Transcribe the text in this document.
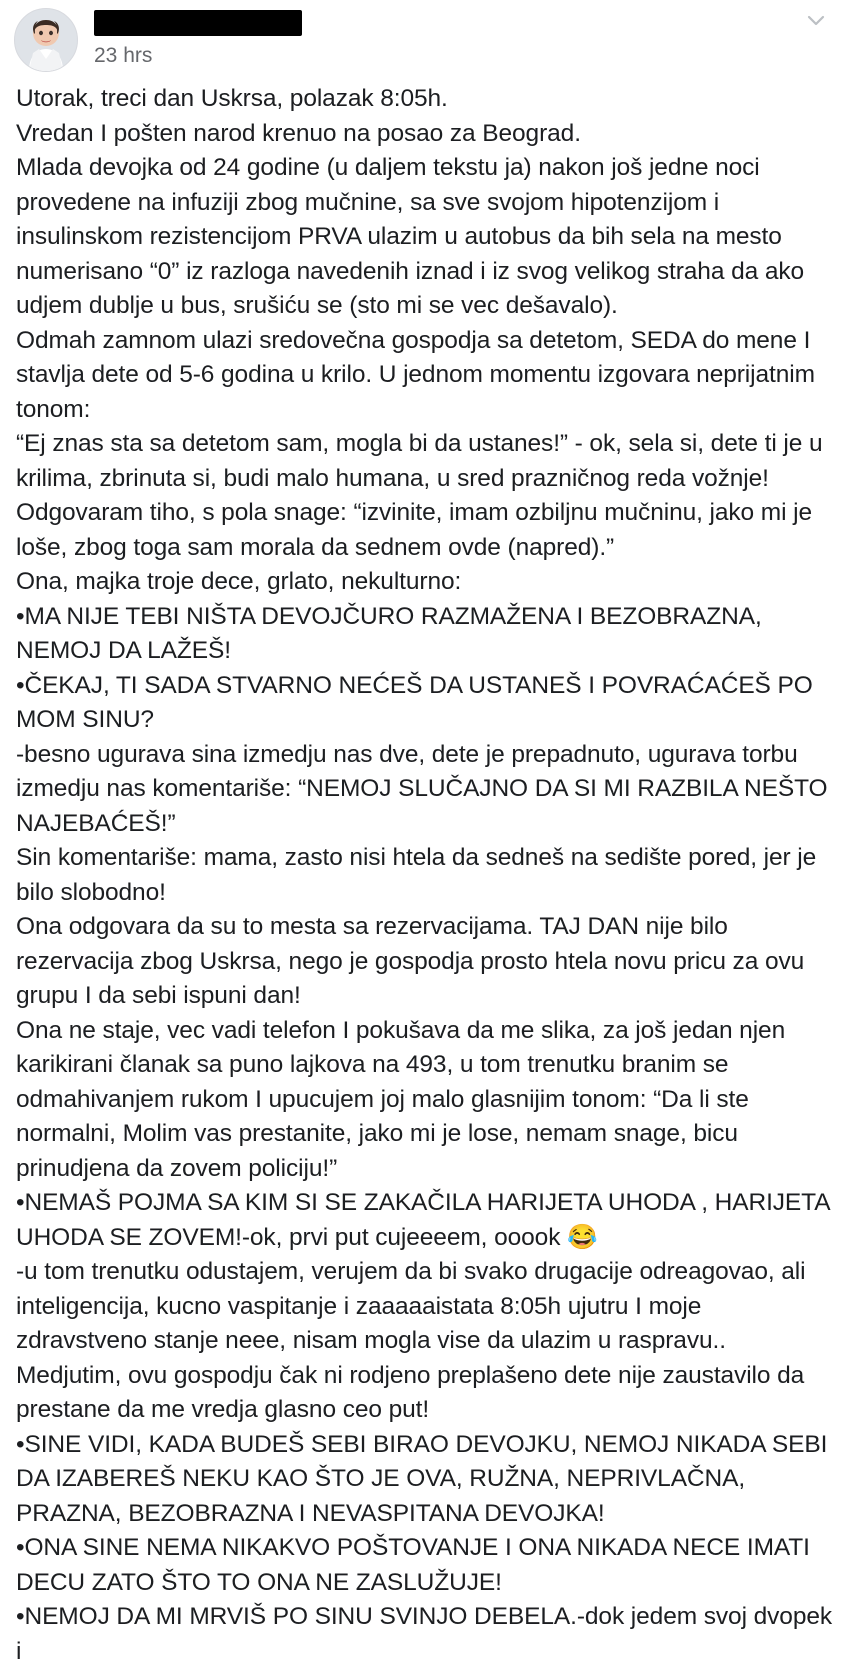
23 hrs

Utorak, treci dan Uskrsa, polazak 8:05h.

Vredan I pošten narod krenuo na posao za Beograd.

Mlada devojka od 24 godine (u daljem tekstu ja) nakon još jedne noci provedene na infuziji zbog mučnine, sa sve svojom hipotenzijom i insulinskom rezistencijom PRVA ulazim u autobus da bih sela na mesto numerisano “0” iz razloga navedenih iznad i iz svog velikog straha da ako udjem dublje u bus, srušiću se (sto mi se vec dešavalo).

Odmah zamnom ulazi sredovečna gospodja sa detetom, SEDA do mene I stavlja dete od 5-6 godina u krilo. U jednom momentu izgovara neprijatnim tonom:

“Ej znas sta sa detetom sam, mogla bi da ustanes!” - ok, sela si, dete ti je u krilima, zbrinuta si, budi malo humana, u sred prazničnog reda vožnje!

Odgovaram tiho, s pola snage: “izvinite, imam ozbiljnu mučninu, jako mi je loše, zbog toga sam morala da sednem ovde (napred).”

Ona, majka troje dece, grlato, nekulturno:

•MA NIJE TEBI NIŠTA DEVOJČURO RAZMAŽENA I BEZOBRAZNA, NEMOJ DA LAŽEŠ!

•ČEKAJ, TI SADA STVARNO NEĆEŠ DA USTANEŠ I POVRAĆAĆEŠ PO MOM SINU?

-besno ugurava sina izmedju nas dve, dete je prepadnuto, ugurava torbu izmedju nas komentariše: “NEMOJ SLUČAJNO DA SI MI RAZBILA NEŠTO NAJEBAĆEŠ!”

Sin komentariše: mama, zasto nisi htela da sedneš na sedište pored, jer je bilo slobodno!

Ona odgovara da su to mesta sa rezervacijama. TAJ DAN nije bilo rezervacija zbog Uskrsa, nego je gospodja prosto htela novu pricu za ovu grupu I da sebi ispuni dan!

Ona ne staje, vec vadi telefon I pokušava da me slika, za još jedan njen karikirani članak sa puno lajkova na 493, u tom trenutku branim se odmahivanjem rukom I upucujem joj malo glasnijim tonom: “Da li ste normalni, Molim vas prestanite, jako mi je lose, nemam snage, bicu prinudjena da zovem policiju!”

•NEMAŠ POJMA SA KIM SI SE ZAKAČILA HARIJETA UHODA , HARIJETA UHODA SE ZOVEM!-ok, prvi put cujeeeem, ooook 😂

-u tom trenutku odustajem, verujem da bi svako drugacije odreagovao, ali inteligencija, kucno vaspitanje i zaaaaaistata 8:05h ujutru I moje zdravstveno stanje neee, nisam mogla vise da ulazim u raspravu..

Medjutim, ovu gospodju čak ni rodjeno preplašeno dete nije zaustavilo da prestane da me vredja glasno ceo put!

•SINE VIDI, KADA BUDEŠ SEBI BIRAO DEVOJKU, NEMOJ NIKADA SEBI DA IZABEREŠ NEKU KAO ŠTO JE OVA, RUŽNA, NEPRIVLAČNA, PRAZNA, BEZOBRAZNA I NEVASPITANA DEVOJKA!

•ONA SINE NEMA NIKAKVO POŠTOVANJE I ONA NIKADA NECE IMATI DECU ZATO ŠTO TO ONA NE ZASLUŽUJE!

•NEMOJ DA MI MRVIŠ PO SINU SVINJO DEBELA.-dok jedem svoj dvopek i
